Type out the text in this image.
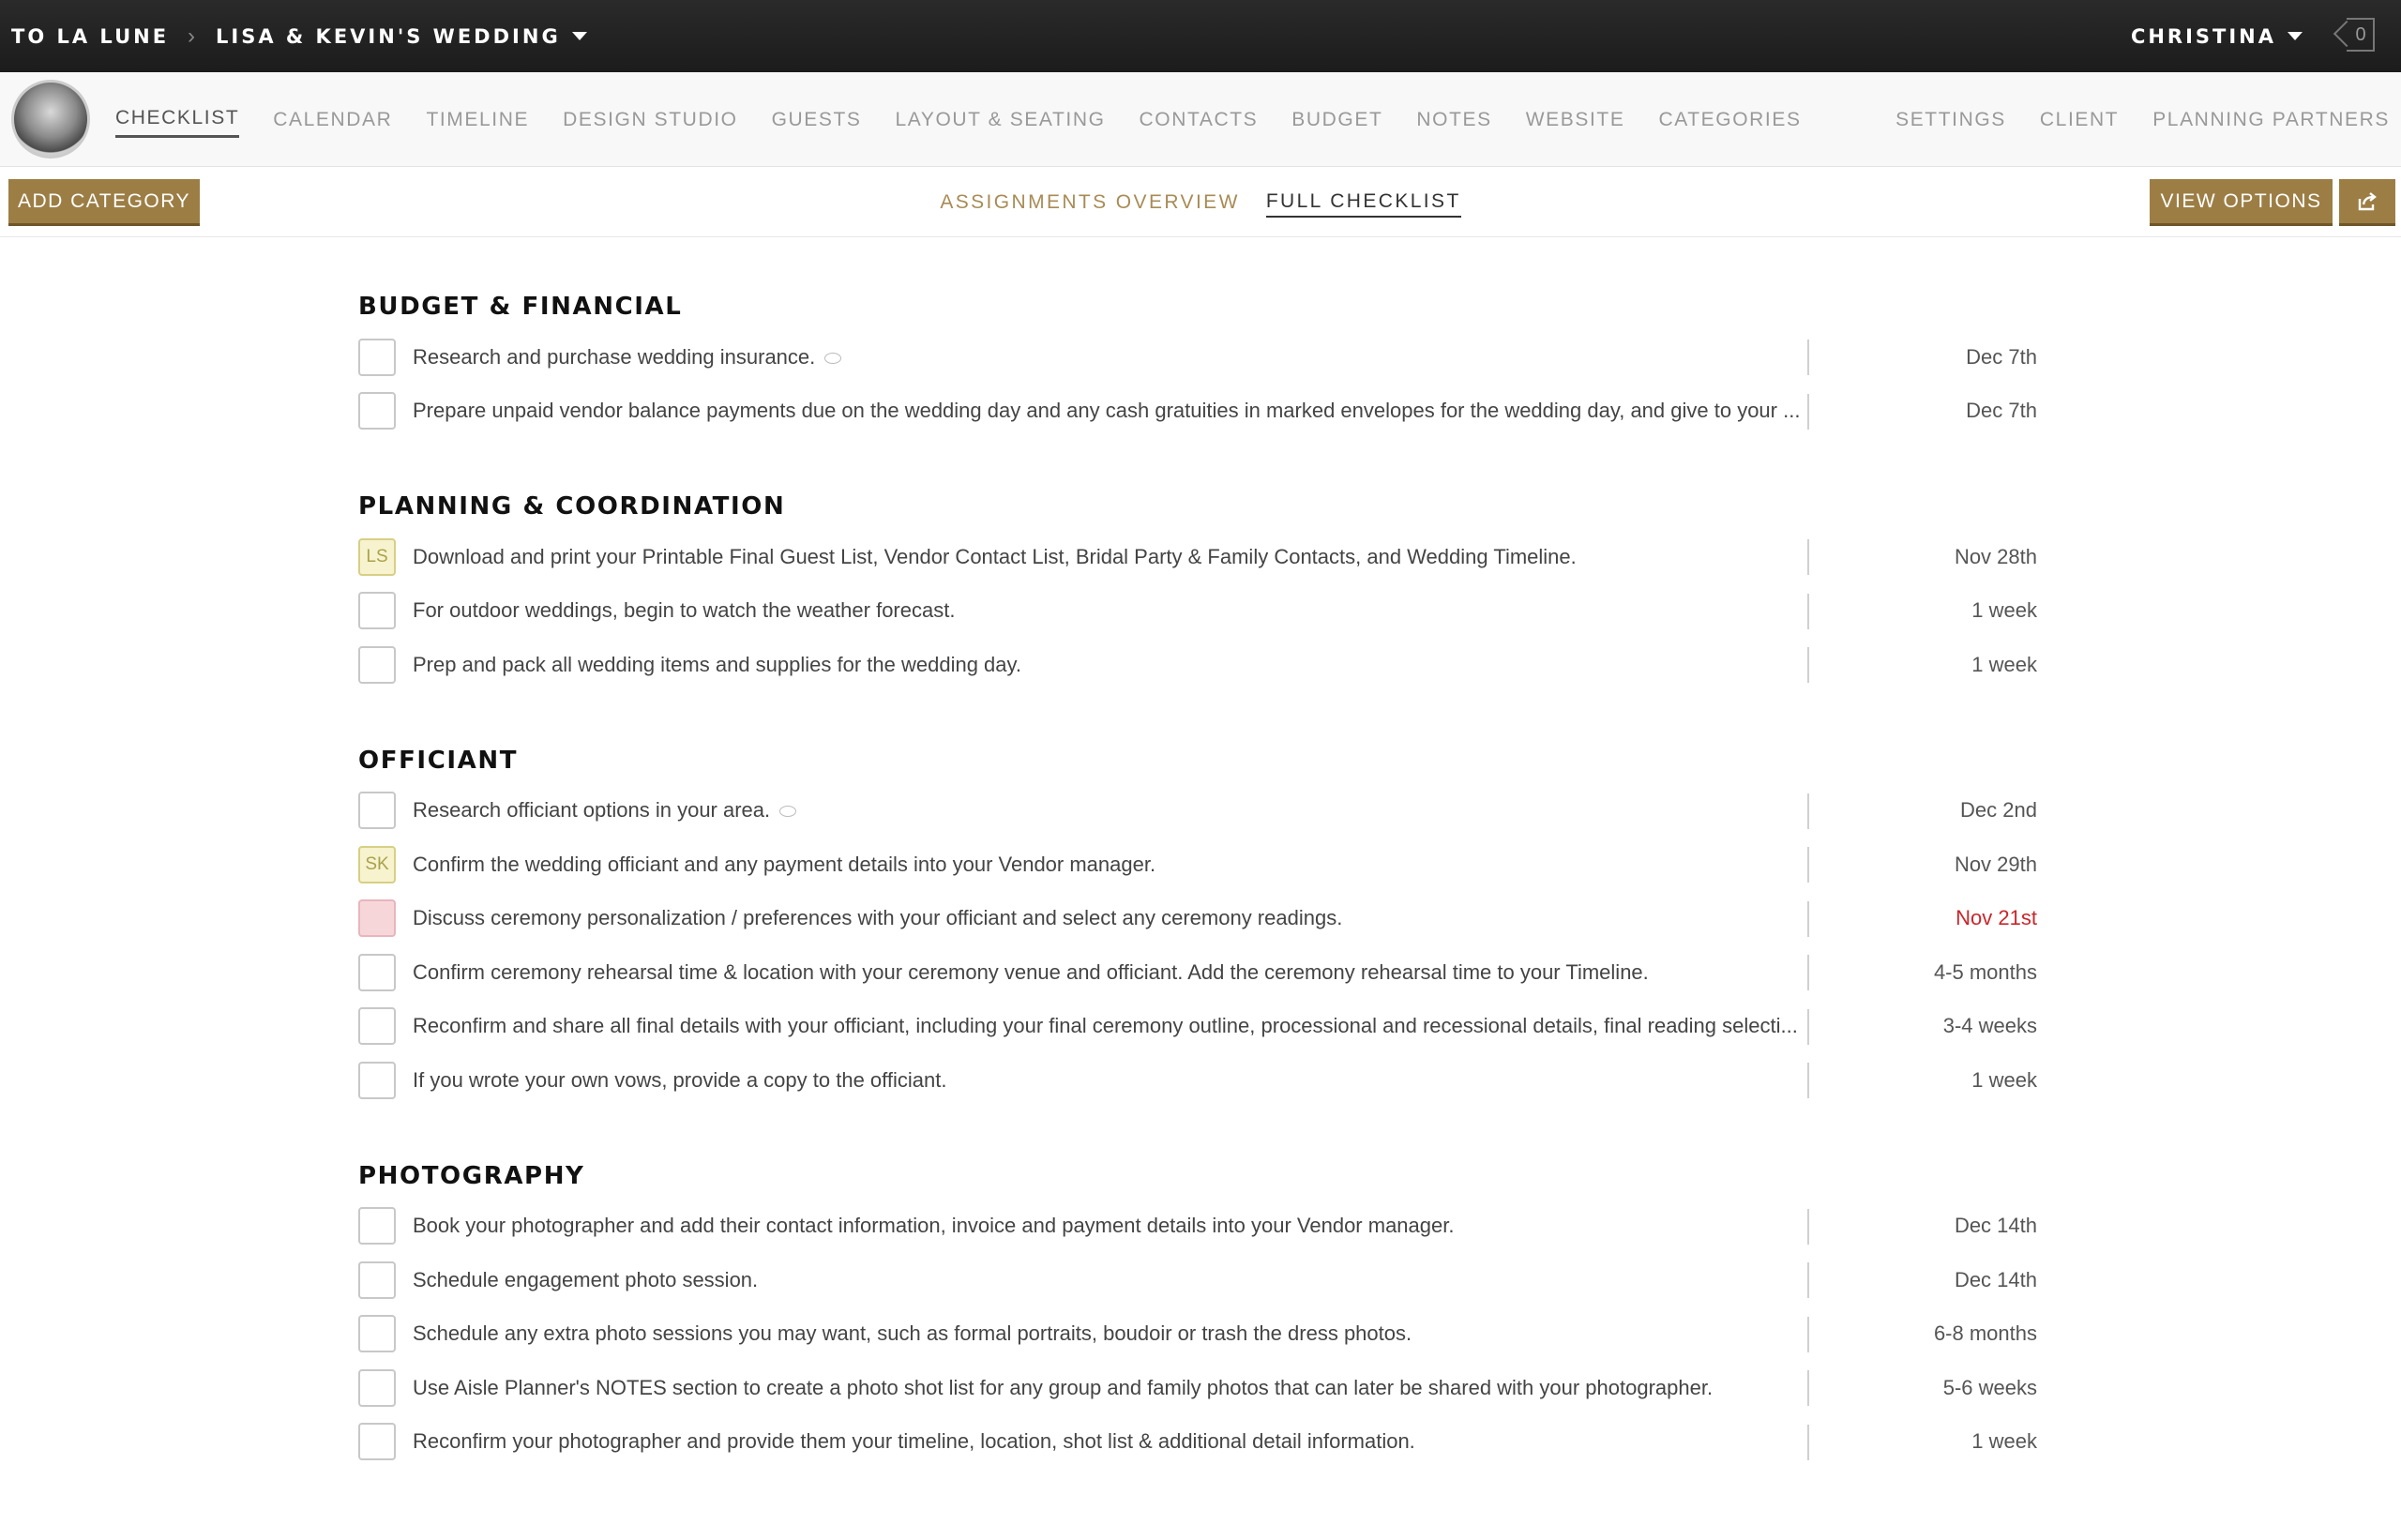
TO LA LUNE › LISA & KEVIN'S WEDDING	CHRISTINA	0
CHECKLIST CALENDAR TIMELINE DESIGN STUDIO GUESTS LAYOUT & SEATING CONTACTS BUDGET NOTES WEBSITE CATEGORIES	SETTINGS CLIENT PLANNING PARTNERS
ASSIGNMENTS OVERVIEW FULL CHECKLIST
ADD CATEGORY	VIEW OPTIONS
BUDGET & FINANCIAL
Research and purchase wedding insurance.	Dec 7th
Prepare unpaid vendor balance payments due on the wedding day and any cash gratuities in marked envelopes for the wedding day, and give to your ...	Dec 7th
PLANNING & COORDINATION
LS	Download and print your Printable Final Guest List, Vendor Contact List, Bridal Party & Family Contacts, and Wedding Timeline.	Nov 28th
For outdoor weddings, begin to watch the weather forecast.	1 week
Prep and pack all wedding items and supplies for the wedding day.	1 week
OFFICIANT
Research officiant options in your area.	Dec 2nd
SK	Confirm the wedding officiant and any payment details into your Vendor manager.	Nov 29th
Discuss ceremony personalization / preferences with your officiant and select any ceremony readings.	Nov 21st
Confirm ceremony rehearsal time & location with your ceremony venue and officiant. Add the ceremony rehearsal time to your Timeline.	4-5 months
Reconfirm and share all final details with your officiant, including your final ceremony outline, processional and recessional details, final reading selecti...	3-4 weeks
If you wrote your own vows, provide a copy to the officiant.	1 week
PHOTOGRAPHY
Book your photographer and add their contact information, invoice and payment details into your Vendor manager.	Dec 14th
Schedule engagement photo session.	Dec 14th
Schedule any extra photo sessions you may want, such as formal portraits, boudoir or trash the dress photos.	6-8 months
Use Aisle Planner's NOTES section to create a photo shot list for any group and family photos that can later be shared with your photographer.	5-6 weeks
Reconfirm your photographer and provide them your timeline, location, shot list & additional detail information.	1 week
